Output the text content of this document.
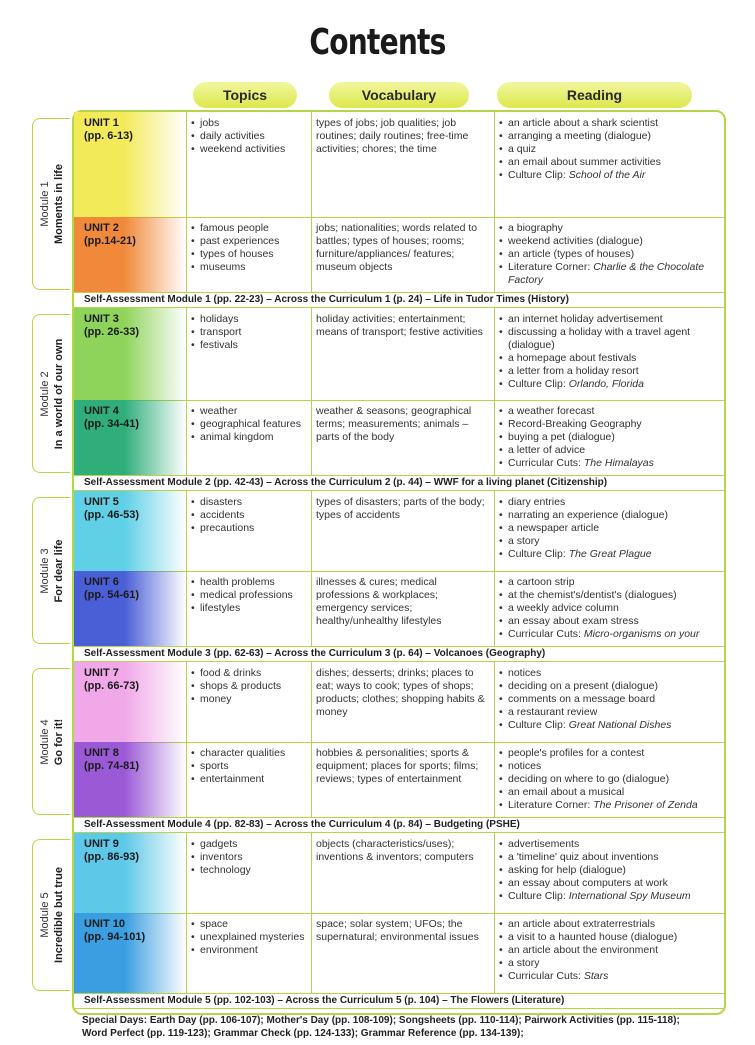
Contents
Topics	Vocabulary	Reading
Module 1 Moments in life
Module 2 In a world of our own
Module 3 For dear life
Module 4 Go for it!
Module 5 Incredible but true
UNIT 1
(pp. 6-13)
• jobs
• daily activities
• weekend activities
types of jobs; job qualities; job routines; daily routines; free-time activities; chores; the time
• an article about a shark scientist
• arranging a meeting (dialogue)
• a quiz
• an email about summer activities
• Culture Clip: School of the Air
UNIT 2
(pp.14-21)
• famous people
• past experiences
• types of houses
• museums
jobs; nationalities; words related to battles; types of houses; rooms; furniture/appliances/ features; museum objects
• a biography
• weekend activities (dialogue)
• an article (types of houses)
• Literature Corner: Charlie & the Chocolate Factory
Self-Assessment Module 1 (pp. 22-23) – Across the Curriculum 1 (p. 24) – Life in Tudor Times (History)
UNIT 3
(pp. 26-33)
• holidays
• transport
• festivals
holiday activities; entertainment; means of transport; festive activities
• an internet holiday advertisement
• discussing a holiday with a travel agent (dialogue)
• a homepage about festivals
• a letter from a holiday resort
• Culture Clip: Orlando, Florida
UNIT 4
(pp. 34-41)
• weather
• geographical features
• animal kingdom
weather & seasons; geographical terms; measurements; animals – parts of the body
• a weather forecast
• Record-Breaking Geography
• buying a pet (dialogue)
• a letter of advice
• Curricular Cuts: The Himalayas
Self-Assessment Module 2 (pp. 42-43) – Across the Curriculum 2 (p. 44) – WWF for a living planet (Citizenship)
UNIT 5
(pp. 46-53)
• disasters
• accidents
• precautions
types of disasters; parts of the body; types of accidents
• diary entries
• narrating an experience (dialogue)
• a newspaper article
• a story
• Culture Clip: The Great Plague
UNIT 6
(pp. 54-61)
• health problems
• medical professions
• lifestyles
illnesses & cures; medical professions & workplaces; emergency services; healthy/unhealthy lifestyles
• a cartoon strip
• at the chemist's/dentist's (dialogues)
• a weekly advice column
• an essay about exam stress
• Curricular Cuts: Micro-organisms on your
Self-Assessment Module 3 (pp. 62-63) – Across the Curriculum 3 (p. 64) – Volcanoes (Geography)
UNIT 7
(pp. 66-73)
• food & drinks
• shops & products
• money
dishes; desserts; drinks; places to eat; ways to cook; types of shops; products; clothes; shopping habits & money
• notices
• deciding on a present (dialogue)
• comments on a message board
• a restaurant review
• Culture Clip: Great National Dishes
UNIT 8
(pp. 74-81)
• character qualities
• sports
• entertainment
hobbies & personalities; sports & equipment; places for sports; films; reviews; types of entertainment
• people's profiles for a contest
• notices
• deciding on where to go (dialogue)
• an email about a musical
• Literature Corner: The Prisoner of Zenda
Self-Assessment Module 4 (pp. 82-83) – Across the Curriculum 4 (p. 84) – Budgeting (PSHE)
UNIT 9
(pp. 86-93)
• gadgets
• inventors
• technology
objects (characteristics/uses); inventions & inventors; computers
• advertisements
• a 'timeline' quiz about inventions
• asking for help (dialogue)
• an essay about computers at work
• Culture Clip: International Spy Museum
UNIT 10
(pp. 94-101)
• space
• unexplained mysteries
• environment
space; solar system; UFOs; the supernatural; environmental issues
• an article about extraterrestrials
• a visit to a haunted house (dialogue)
• an article about the environment
• a story
• Curricular Cuts: Stars
Self-Assessment Module 5 (pp. 102-103) – Across the Curriculum 5 (p. 104) – The Flowers (Literature)
Special Days: Earth Day (pp. 106-107); Mother's Day (pp. 108-109); Songsheets (pp. 110-114); Pairwork Activities (pp. 115-118);
Word Perfect (pp. 119-123); Grammar Check (pp. 124-133); Grammar Reference (pp. 134-139);
